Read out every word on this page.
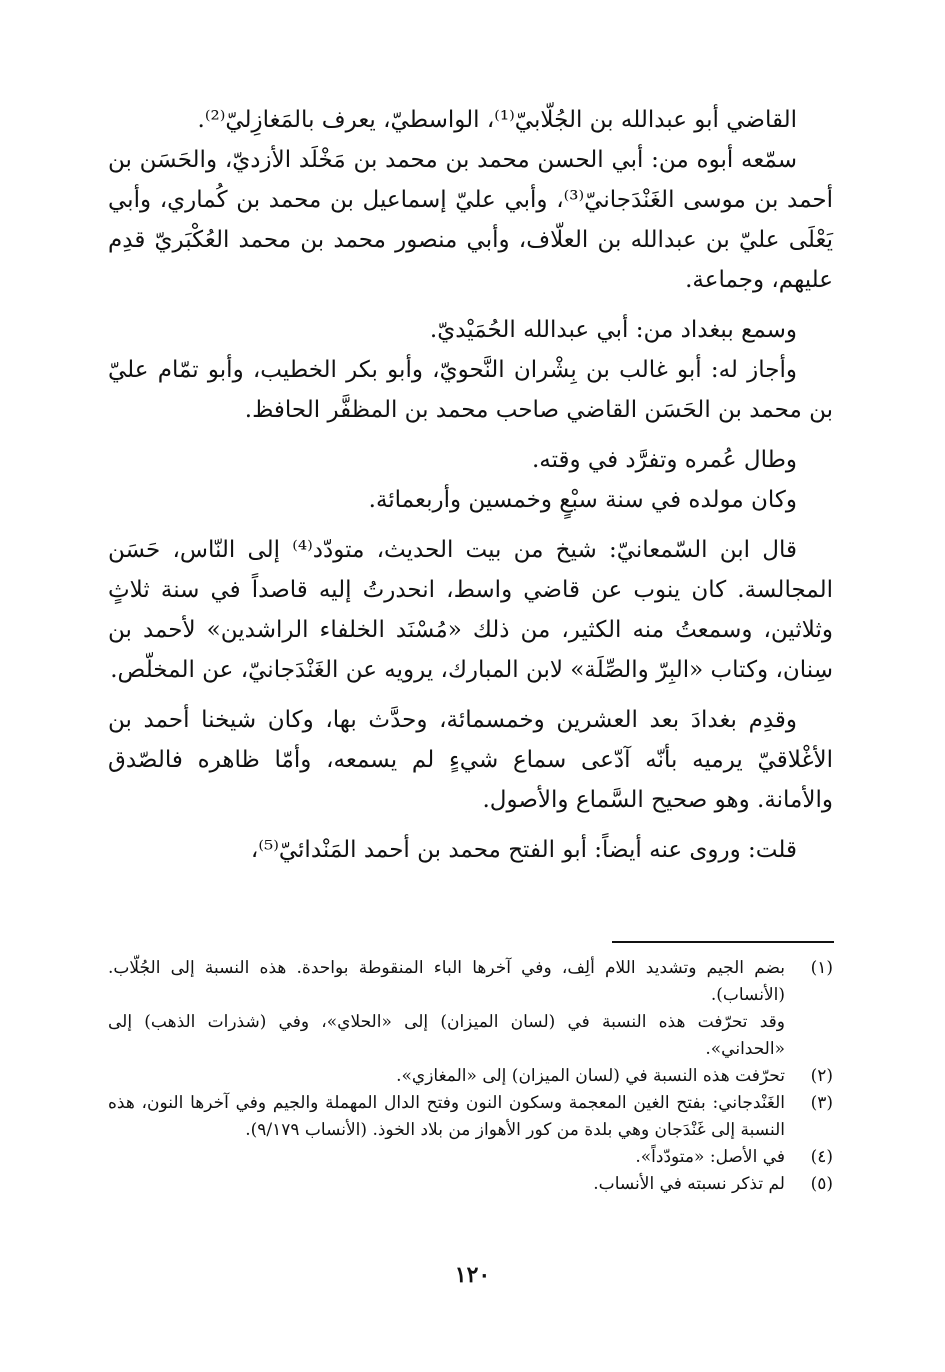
القاضي أبو عبدالله بن الجُلّابيّ⁽¹⁾، الواسطيّ، يعرف بالمَغازِليّ⁽²⁾.

سمّعه أبوه من: أبي الحسن محمد بن محمد بن مَخْلَد الأزديّ، والحَسَن بن أحمد بن موسى الغَنْدَجانيّ⁽³⁾، وأبي عليّ إسماعيل بن محمد بن كُماري، وأبي يَعْلَى عليّ بن عبدالله بن العلّاف، وأبي منصور محمد بن محمد العُكْبَريّ قدِم عليهم، وجماعة.

وسمع ببغداد من: أبي عبدالله الحُمَيْديّ.

وأجاز له: أبو غالب بن بِشْران النَّحويّ، وأبو بكر الخطيب، وأبو تمّام عليّ بن محمد بن الحَسَن القاضي صاحب محمد بن المظفَّر الحافظ.

وطال عُمره وتفرَّد في وقته.

وكان مولده في سنة سبْعٍ وخمسين وأربعمائة.

قال ابن السّمعانيّ: شيخ من بيت الحديث، متودّد⁽⁴⁾ إلى النّاس، حَسَن المجالسة. كان ينوب عن قاضي واسط، انحدرتُ إليه قاصداً في سنة ثلاثٍ وثلاثين، وسمعتُ منه الكثير، من ذلك «مُسْنَد الخلفاء الراشدين» لأحمد بن سِنان، وكتاب «البِرّ والصِّلَة» لابن المبارك، يرويه عن الغَنْدَجانيّ، عن المخلّص.

وقدِم بغدادَ بعد العشرين وخمسمائة، وحدَّث بها، وكان شيخنا أحمد بن الأغْلاقيّ يرميه بأنّه آدّعى سماع شيءٍ لم يسمعه، وأمّا ظاهره فالصّدق والأمانة. وهو صحيح السَّماع والأصول.

قلت: وروى عنه أيضاً: أبو الفتح محمد بن أحمد المَنْدائيّ⁽⁵⁾،

(١)
بضم الجيم وتشديد اللام ألِف، وفي آخرها الباء المنقوطة بواحدة. هذه النسبة إلى الجُلّاب. (الأنساب).

وقد تحرّفت هذه النسبة في (لسان الميزان) إلى «الحلاي»، وفي (شذرات الذهب) إلى «الحداني».

(٢)
تحرّفت هذه النسبة في (لسان الميزان) إلى «المغازي».
(٣)
الغَنْدجاني: بفتح الغين المعجمة وسكون النون وفتح الدال المهملة والجيم وفي آخرها النون، هذه النسبة إلى غَنْدَجان وهي بلدة من كور الأهواز من بلاد الخوذ. (الأنساب ٩/١٧٩).
(٤)
في الأصل: «متودّداً».
(٥)
لم تذكر نسبته في الأنساب.
١٢٠
